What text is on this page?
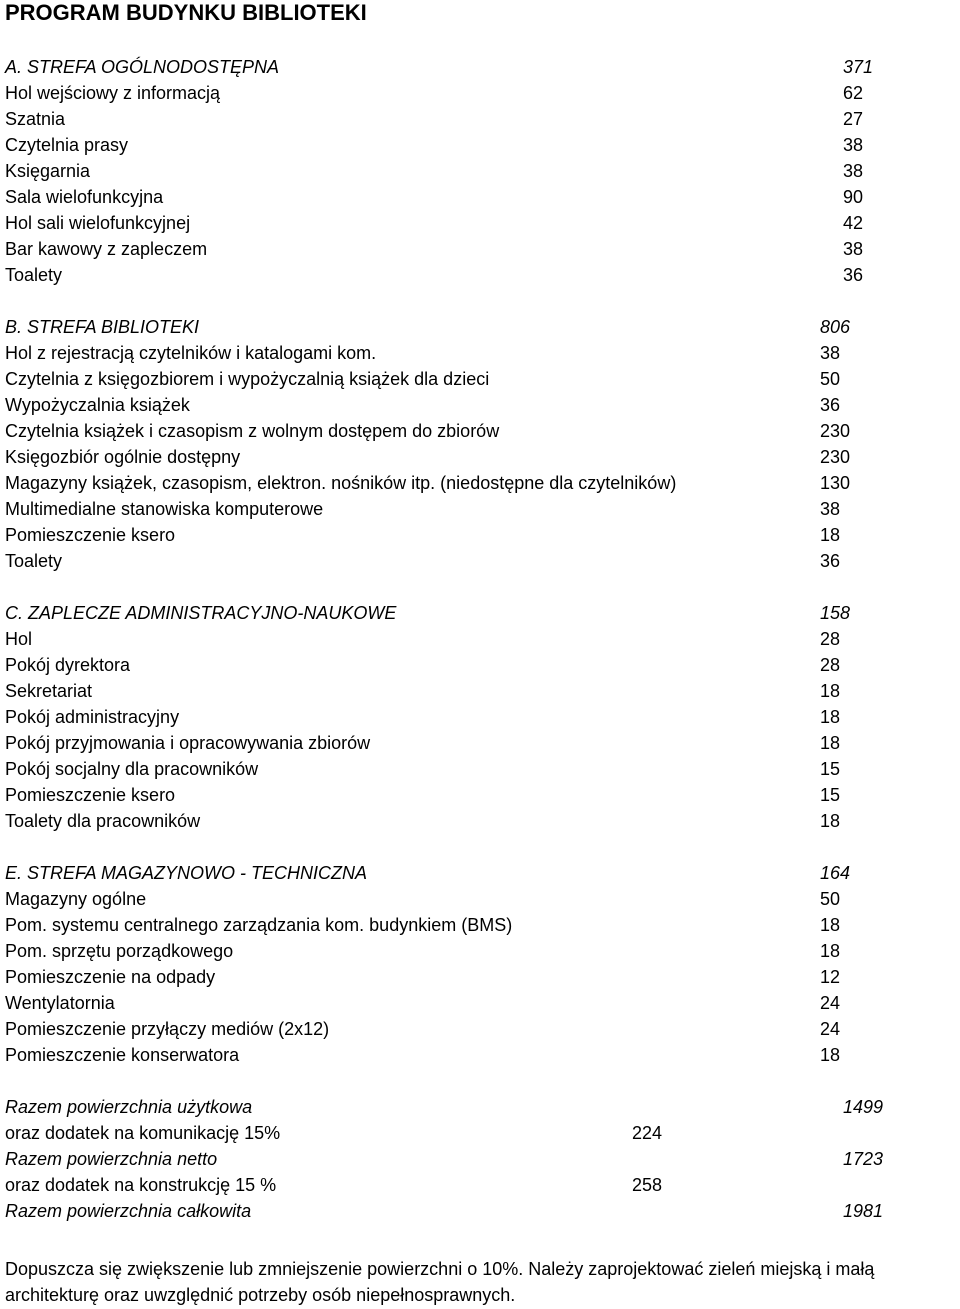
PROGRAM BUDYNKU BIBLIOTEKI
A. STREFA OGÓLNODOSTĘPNA	371
Hol wejściowy z informacją	62
Szatnia	27
Czytelnia prasy	38
Księgarnia	38
Sala wielofunkcyjna	90
Hol sali wielofunkcyjnej	42
Bar kawowy z zapleczem	38
Toalety	36
B. STREFA BIBLIOTEKI	806
Hol z rejestracją czytelników i katalogami kom.	38
Czytelnia z księgozbiorem i wypożyczalnią książek dla dzieci	50
Wypożyczalnia książek	36
Czytelnia książek i czasopism z wolnym dostępem do zbiorów	230
Księgozbiór ogólnie dostępny	230
Magazyny książek, czasopism, elektron. nośników itp. (niedostępne dla czytelników)	130
Multimedialne stanowiska komputerowe	38
Pomieszczenie ksero	18
Toalety	36
C. ZAPLECZE ADMINISTRACYJNO-NAUKOWE	158
Hol	28
Pokój dyrektora	28
Sekretariat	18
Pokój administracyjny	18
Pokój przyjmowania i opracowywania zbiorów	18
Pokój socjalny dla pracowników	15
Pomieszczenie ksero	15
Toalety dla pracowników	18
E. STREFA MAGAZYNOWO - TECHNICZNA	164
Magazyny ogólne	50
Pom. systemu centralnego zarządzania kom. budynkiem (BMS)	18
Pom. sprzętu porządkowego	18
Pomieszczenie na odpady	12
Wentylatornia	24
Pomieszczenie przyłączy mediów (2x12)	24
Pomieszczenie konserwatora	18
Razem powierzchnia użytkowa	1499
oraz dodatek na komunikację 15%	224
Razem powierzchnia netto	1723
oraz dodatek na konstrukcję 15 %	258
Razem powierzchnia całkowita	1981
Dopuszcza się zwiększenie lub zmniejszenie powierzchni o 10%. Należy zaprojektować zieleń miejską i małą architekturę oraz uwzględnić potrzeby osób niepełnosprawnych.
